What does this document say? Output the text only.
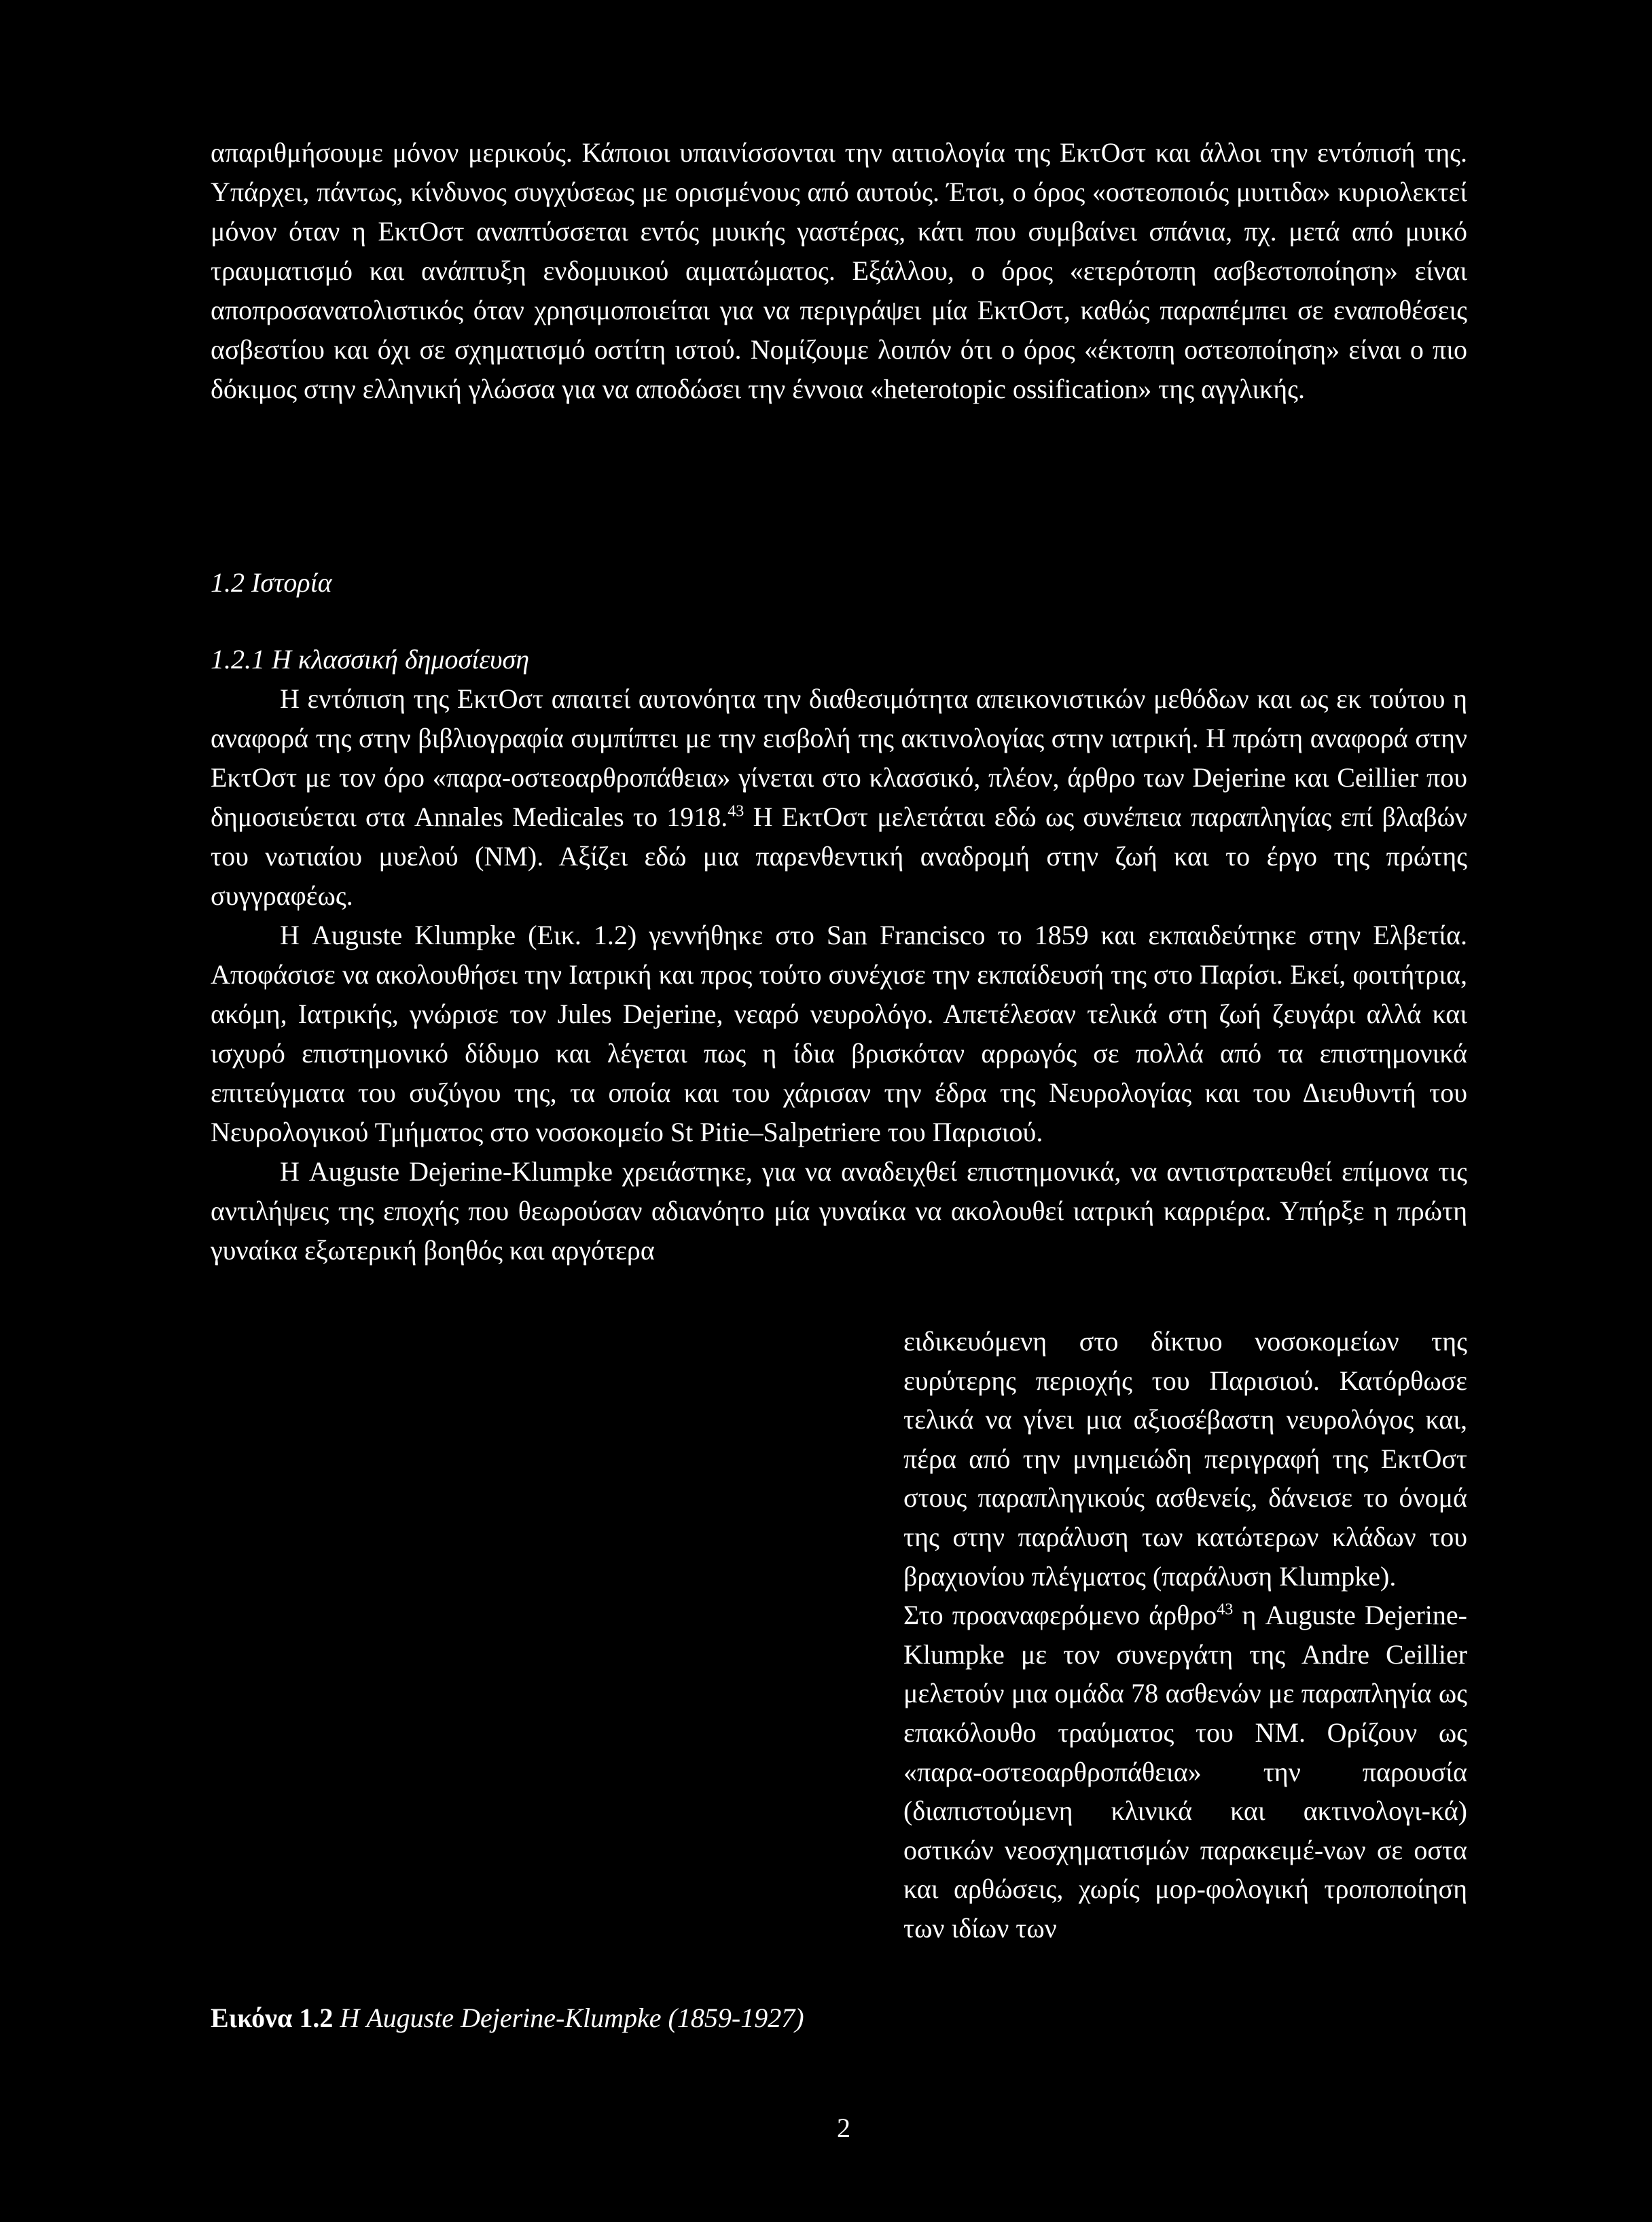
απαριθμήσουμε μόνον μερικούς. Κάποιοι υπαινίσσονται την αιτιολογία της ΕκτΟστ και άλλοι την εντόπισή της. Υπάρχει, πάντως, κίνδυνος συγχύσεως με ορισμένους από αυτούς. Έτσι, ο όρος «οστεοποιός μυιτιδα» κυριολεκτεί μόνον όταν η ΕκτΟστ αναπτύσσεται εντός μυικής γαστέρας, κάτι που συμβαίνει σπάνια, πχ. μετά από μυικό τραυματισμό και ανάπτυξη ενδομυικού αιματώματος. Εξάλλου, ο όρος «ετερότοπη ασβεστοποίηση» είναι αποπροσανατολιστικός όταν χρησιμοποιείται για να περιγράψει μία ΕκτΟστ, καθώς παραπέμπει σε εναποθέσεις ασβεστίου και όχι σε σχηματισμό οστίτη ιστού. Νομίζουμε λοιπόν ότι ο όρος «έκτοπη οστεοποίηση» είναι ο πιο δόκιμος στην ελληνική γλώσσα για να αποδώσει την έννοια «heterotopic ossification» της αγγλικής.

1.2 Ιστορία

1.2.1 Η κλασσική δημοσίευση

Η εντόπιση της ΕκτΟστ απαιτεί αυτονόητα την διαθεσιμότητα απεικονιστικών μεθόδων και ως εκ τούτου η αναφορά της στην βιβλιογραφία συμπίπτει με την εισβολή της ακτινολογίας στην ιατρική. Η πρώτη αναφορά στην ΕκτΟστ με τον όρο «παρα-οστεοαρθροπάθεια» γίνεται στο κλασσικό, πλέον, άρθρο των Dejerine και Ceillier που δημοσιεύεται στα Annales Medicales το 1918.43 Η ΕκτΟστ μελετάται εδώ ως συνέπεια παραπληγίας επί βλαβών του νωτιαίου μυελού (ΝΜ). Αξίζει εδώ μια παρενθεντική αναδρομή στην ζωή και το έργο της πρώτης συγγραφέως.

Η Auguste Klumpke (Εικ. 1.2) γεννήθηκε στο San Francisco το 1859 και εκπαιδεύτηκε στην Ελβετία. Αποφάσισε να ακολουθήσει την Ιατρική και προς τούτο συνέχισε την εκπαίδευσή της στο Παρίσι. Εκεί, φοιτήτρια, ακόμη, Ιατρικής, γνώρισε τον Jules Dejerine, νεαρό νευρολόγο. Απετέλεσαν τελικά στη ζωή ζευγάρι αλλά και ισχυρό επιστημονικό δίδυμο και λέγεται πως η ίδια βρισκόταν αρρωγός σε πολλά από τα επιστημονικά επιτεύγματα του συζύγου της, τα οποία και του χάρισαν την έδρα της Νευρολογίας και του Διευθυντή του Νευρολογικού Τμήματος στο νοσοκομείο St Pitie–Salpetriere του Παρισιού.

Η Auguste Dejerine-Klumpke χρειάστηκε, για να αναδειχθεί επιστημονικά, να αντιστρατευθεί επίμονα τις αντιλήψεις της εποχής που θεωρούσαν αδιανόητο μία γυναίκα να ακολουθεί ιατρική καρριέρα. Υπήρξε η πρώτη γυναίκα εξωτερική βοηθός και αργότερα

ειδικευόμενη στο δίκτυο νοσοκομείων της ευρύτερης περιοχής του Παρισιού. Κατόρθωσε τελικά να γίνει μια αξιοσέβαστη νευρολόγος και, πέρα από την μνημειώδη περιγραφή της ΕκτΟστ στους παραπληγικούς ασθενείς, δάνεισε το όνομά της στην παράλυση των κατώτερων κλάδων του βραχιονίου πλέγματος (παράλυση Klumpke).

Στο προαναφερόμενο άρθρο$^{43}$ η Auguste Dejerine-Klumpke με τον συνεργάτη της Andre Ceillier μελετούν μια ομάδα 78 ασθενών με παραπληγία ως επακόλουθο τραύματος του ΝΜ. Ορίζουν ως «παρα-οστεοαρθροπάθεια» την παρουσία (διαπιστούμενη κλινικά και ακτινολογι-κά) οστικών νεοσχηματισμών παρακειμέ-νων σε οστα και αρθώσεις, χωρίς μορ-φολογική τροποποίηση των ιδίων των

Εικόνα 1.2 Η Auguste Dejerine-Klumpke (1859-1927)

2
